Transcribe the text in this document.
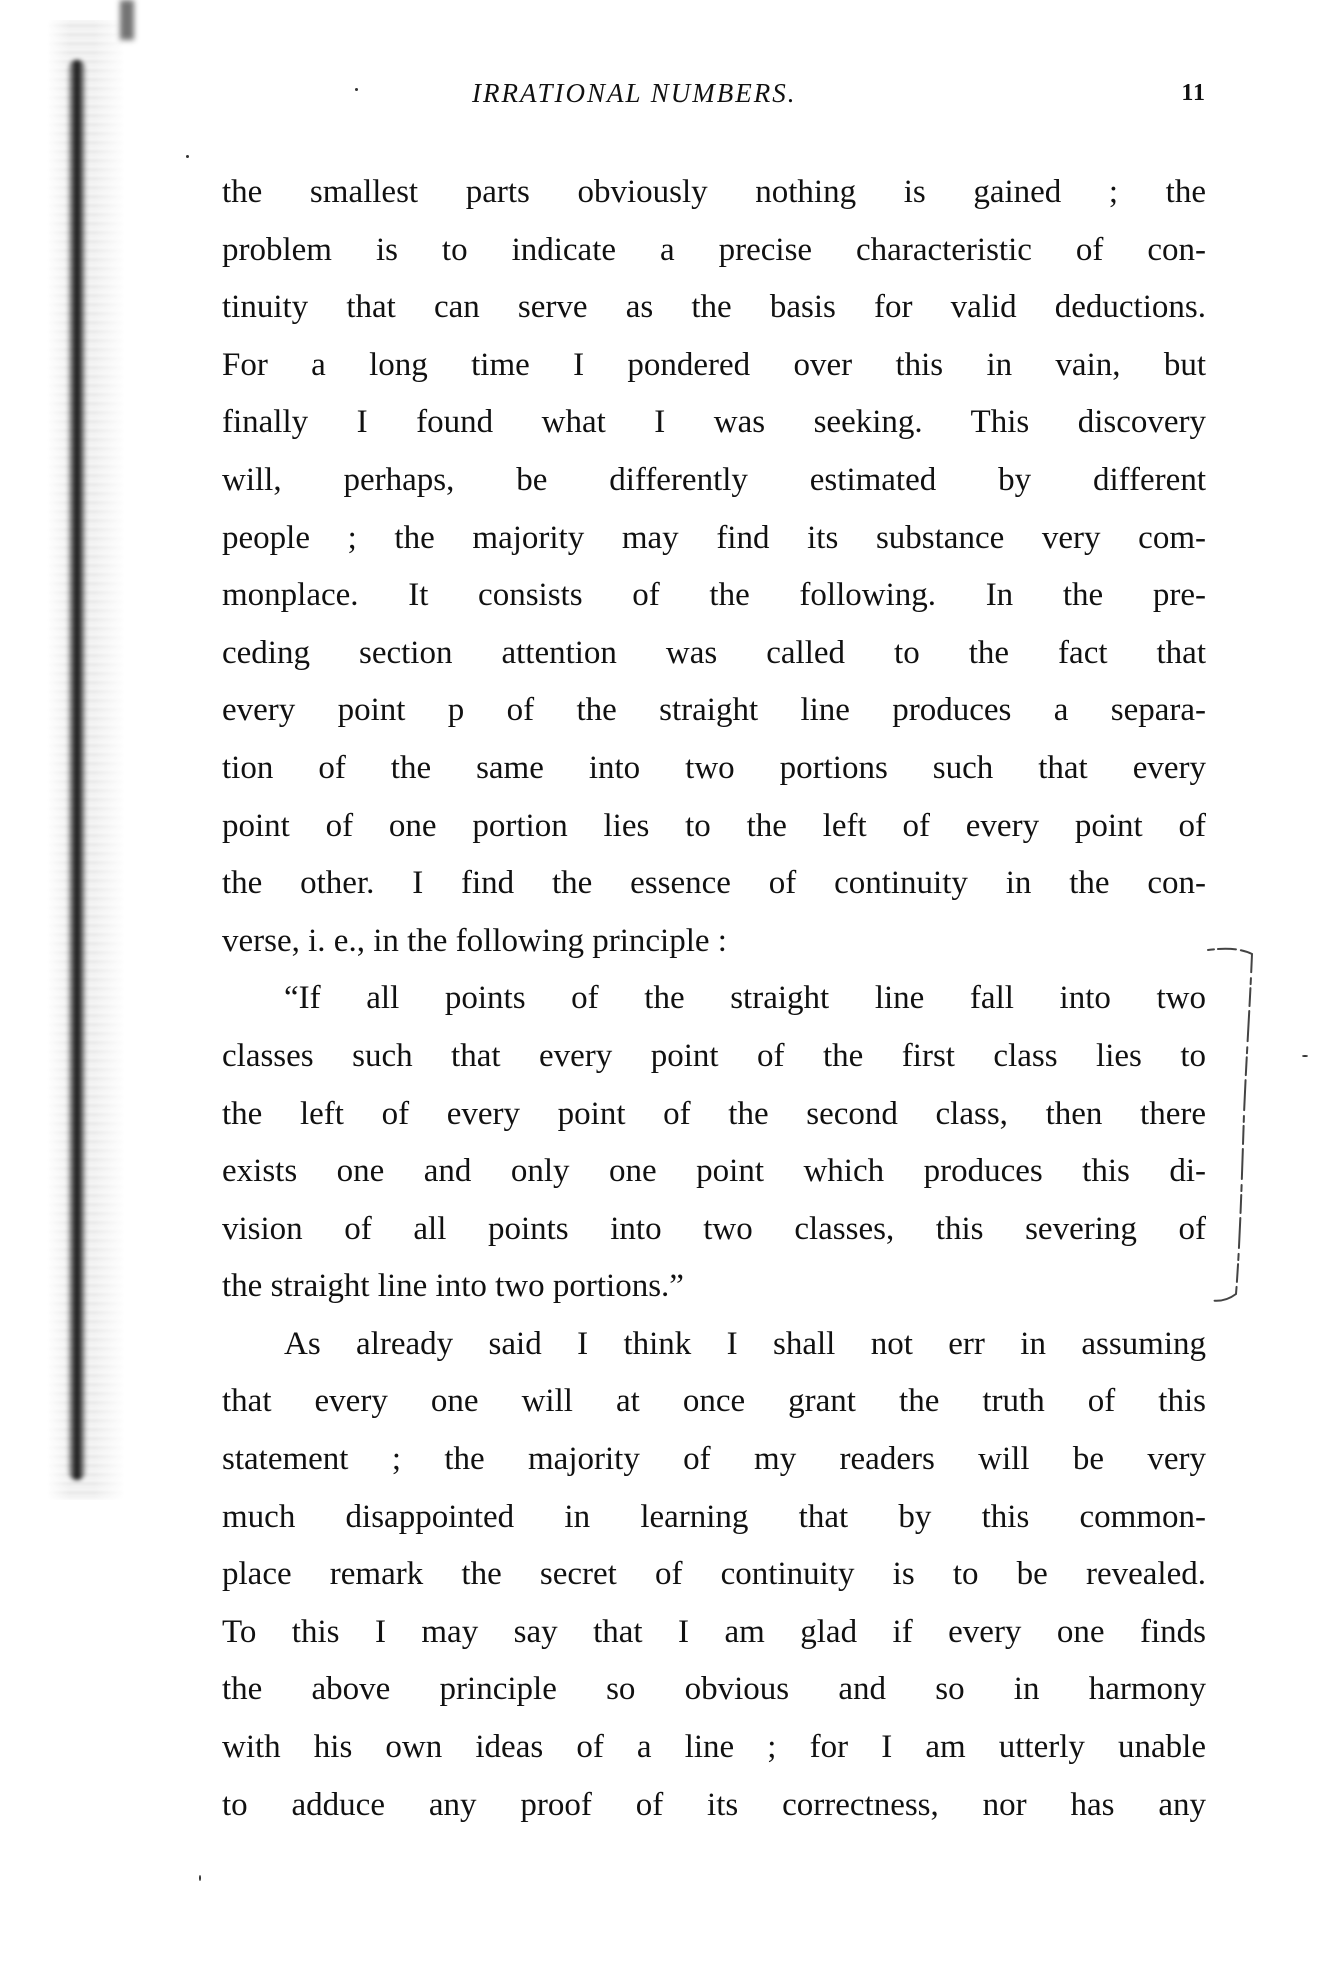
IRRATIONAL NUMBERS.	11
the smallest parts obviously nothing is gained ; the
problem is to indicate a precise characteristic of con-
tinuity that can serve as the basis for valid deductions.
For a long time I pondered over this in vain, but
finally I found what I was seeking. This discovery
will, perhaps, be differently estimated by different
people ; the majority may find its substance very com-
monplace. It consists of the following. In the pre-
ceding section attention was called to the fact that
every point p of the straight line produces a separa-
tion of the same into two portions such that every
point of one portion lies to the left of every point of
the other. I find the essence of continuity in the con-
verse, i. e., in the following principle :
“If all points of the straight line fall into two
classes such that every point of the first class lies to
the left of every point of the second class, then there
exists one and only one point which produces this di-
vision of all points into two classes, this severing of
the straight line into two portions.”
As already said I think I shall not err in assuming
that every one will at once grant the truth of this
statement ; the majority of my readers will be very
much disappointed in learning that by this common-
place remark the secret of continuity is to be revealed.
To this I may say that I am glad if every one finds
the above principle so obvious and so in harmony
with his own ideas of a line ; for I am utterly unable
to adduce any proof of its correctness, nor has any
